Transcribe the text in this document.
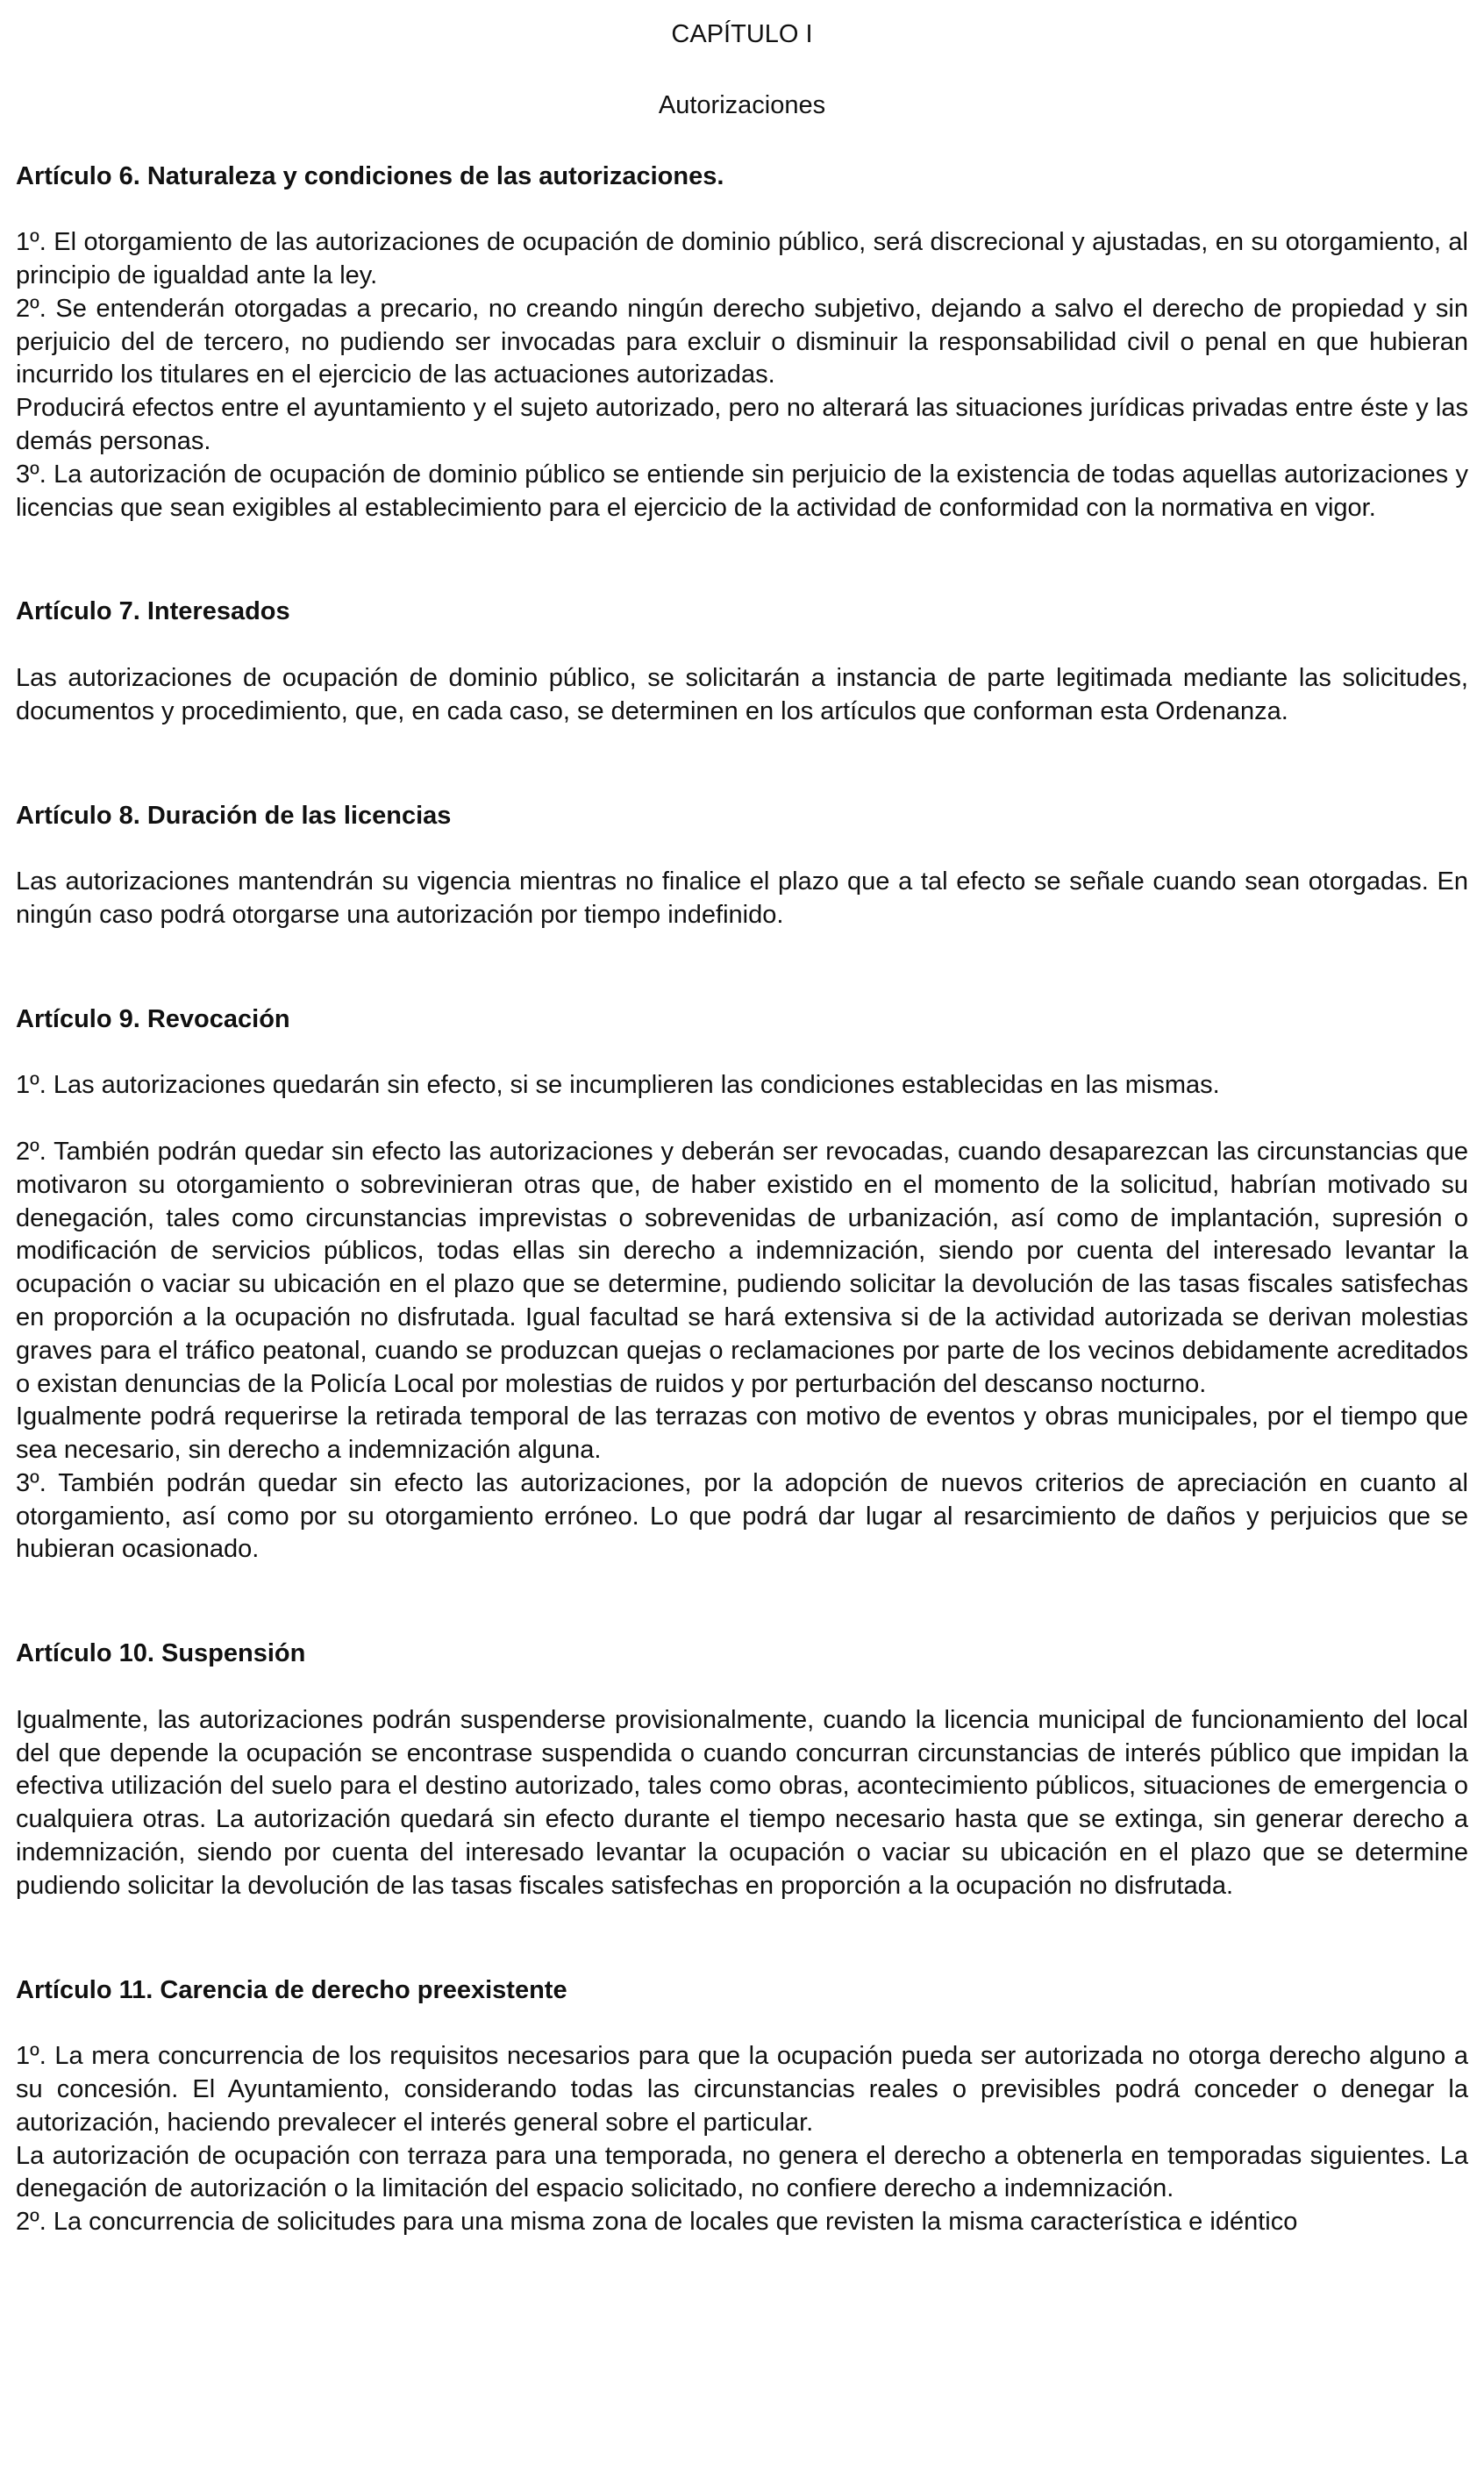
CAPÍTULO I
Autorizaciones
Artículo 6. Naturaleza y condiciones de las autorizaciones.

1º. El otorgamiento de las autorizaciones de ocupación de dominio público, será discrecional y ajustadas, en su otorgamiento, al principio de igualdad ante la ley.

2º. Se entenderán otorgadas a precario, no creando ningún derecho subjetivo, dejando a salvo el derecho de propiedad y sin perjuicio del de tercero, no pudiendo ser invocadas para excluir o disminuir la responsabilidad civil o penal en que hubieran incurrido los titulares en el ejercicio de las actuaciones autorizadas.

Producirá efectos entre el ayuntamiento y el sujeto autorizado, pero no alterará las situaciones jurídicas privadas entre éste y las demás personas.

3º. La autorización de ocupación de dominio público se entiende sin perjuicio de la existencia de todas aquellas autorizaciones y licencias que sean exigibles al establecimiento para el ejercicio de la actividad de conformidad con la normativa en vigor.

Artículo 7. Interesados

Las autorizaciones de ocupación de dominio público, se solicitarán a instancia de parte legitimada mediante las solicitudes, documentos y procedimiento, que, en cada caso, se determinen en los artículos que conforman esta Ordenanza.

Artículo 8. Duración de las licencias

Las autorizaciones mantendrán su vigencia mientras no finalice el plazo que a tal efecto se señale cuando sean otorgadas. En ningún caso podrá otorgarse una autorización por tiempo indefinido.

Artículo 9. Revocación

1º. Las autorizaciones quedarán sin efecto, si se incumplieren las condiciones establecidas en las mismas.

2º. También podrán quedar sin efecto las autorizaciones y deberán ser revocadas, cuando desaparezcan las circunstancias que motivaron su otorgamiento o sobrevinieran otras que, de haber existido en el momento de la solicitud, habrían motivado su denegación, tales como circunstancias imprevistas o sobrevenidas de urbanización, así como de implantación, supresión o modificación de servicios públicos, todas ellas sin derecho a indemnización, siendo por cuenta del interesado levantar la ocupación o vaciar su ubicación en el plazo que se determine, pudiendo solicitar la devolución de las tasas fiscales satisfechas en proporción a la ocupación no disfrutada. Igual facultad se hará extensiva si de la actividad autorizada se derivan molestias graves para el tráfico peatonal, cuando se produzcan quejas o reclamaciones por parte de los vecinos debidamente acreditados o existan denuncias de la Policía Local por molestias de ruidos y por perturbación del descanso nocturno.

Igualmente podrá requerirse la retirada temporal de las terrazas con motivo de eventos y obras municipales, por el tiempo que sea necesario, sin derecho a indemnización alguna.

3º. También podrán quedar sin efecto las autorizaciones, por la adopción de nuevos criterios de apreciación en cuanto al otorgamiento, así como por su otorgamiento erróneo. Lo que podrá dar lugar al resarcimiento de daños y perjuicios que se hubieran ocasionado.

Artículo 10. Suspensión

Igualmente, las autorizaciones podrán suspenderse provisionalmente, cuando la licencia municipal de funcionamiento del local del que depende la ocupación se encontrase suspendida o cuando concurran circunstancias de interés público que impidan la efectiva utilización del suelo para el destino autorizado, tales como obras, acontecimiento públicos, situaciones de emergencia o cualquiera otras. La autorización quedará sin efecto durante el tiempo necesario hasta que se extinga, sin generar derecho a indemnización, siendo por cuenta del interesado levantar la ocupación o vaciar su ubicación en el plazo que se determine pudiendo solicitar la devolución de las tasas fiscales satisfechas en proporción a la ocupación no disfrutada.

Artículo 11. Carencia de derecho preexistente

1º. La mera concurrencia de los requisitos necesarios para que la ocupación pueda ser autorizada no otorga derecho alguno a su concesión. El Ayuntamiento, considerando todas las circunstancias reales o previsibles podrá conceder o denegar la autorización, haciendo prevalecer el interés general sobre el particular.

La autorización de ocupación con terraza para una temporada, no genera el derecho a obtenerla en temporadas siguientes. La denegación de autorización o la limitación del espacio solicitado, no confiere derecho a indemnización.

2º. La concurrencia de solicitudes para una misma zona de locales que revisten la misma característica e idéntico
